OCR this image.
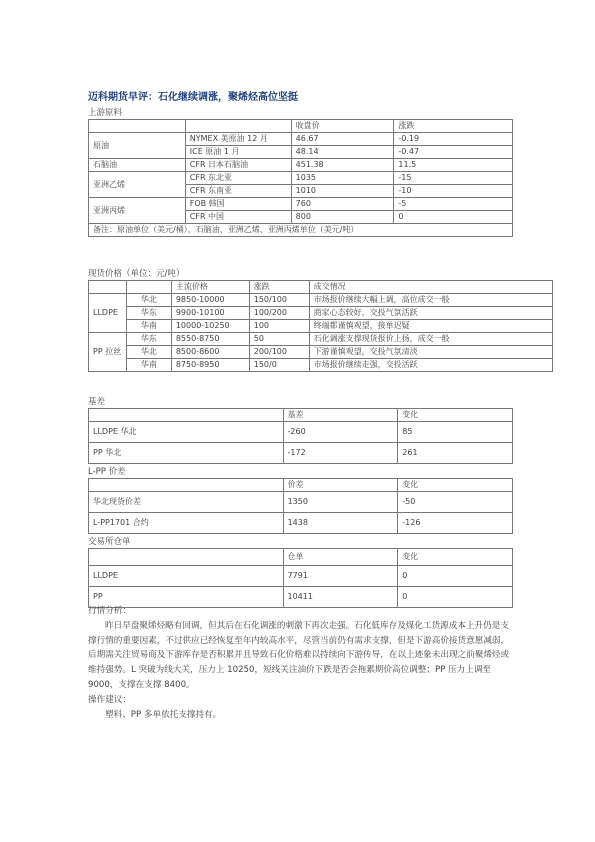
迈科期货早评：石化继续调涨，聚烯烃高位坚挺
上游原料
		收盘价	涨跌
原油	NYMEX 美原油 12 月	46.67	-0.19
	ICE 原油 1 月	48.14	-0.47
石脑油	CFR 日本石脑油	451.38	11.5
亚洲乙烯	CFR 东北亚	1035	-15
	CFR 东南亚	1010	-10
亚洲丙烯	FOB 韩国	760	-5
	CFR 中国	800	0
备注：原油单位（美元/桶），石脑油、亚洲乙烯、亚洲丙烯单位（美元/吨）			
现货价格（单位：元/吨）
		主流价格	涨跌	成交情况
LLDPE	华北	9850-10000	150/100	市场报价继续大幅上调，高位成交一般
	华东	9900-10100	100/200	商家心态较好，交投气氛活跃
	华南	10000-10250	100	终端都谨慎观望，接单迟疑
PP 拉丝	华东	8550-8750	50	石化调涨支撑现货报价上扬，成交一般
	华北	8500-8600	200/100	下游谨慎观望，交投气氛清淡
	华南	8750-8950	150/0	市场报价继续走强，交投活跃
基差
	基差	变化
LLDPE 华北	-260	85
PP 华北	-172	261
L-PP 价差
	价差	变化
华北现货价差	1350	-50
L-PP1701 合约	1438	-126
交易所仓单
	仓单	变化
LLDPE	7791	0
PP	10411	0

行情分析：

昨日早盘聚烯烃略有回调，但其后在石化调涨的刺激下再次走强。石化低库存及煤化工货源成本上升仍是支撑行情的重要因素，不过供应已经恢复至年内较高水平，尽管当前仍有需求支撑，但是下游高价接货意愿减弱，后期需关注贸易商及下游库存是否积累并且导致石化价格难以持续向下游传导，在以上迹象未出现之前聚烯烃或维持强势。L 突破为线大关，压力上 10250，短线关注油价下跌是否会拖累期价高位调整；PP 压力上调至 9000，支撑在支撑 8400。

操作建议：

塑料、PP 多单依托支撑持有。
